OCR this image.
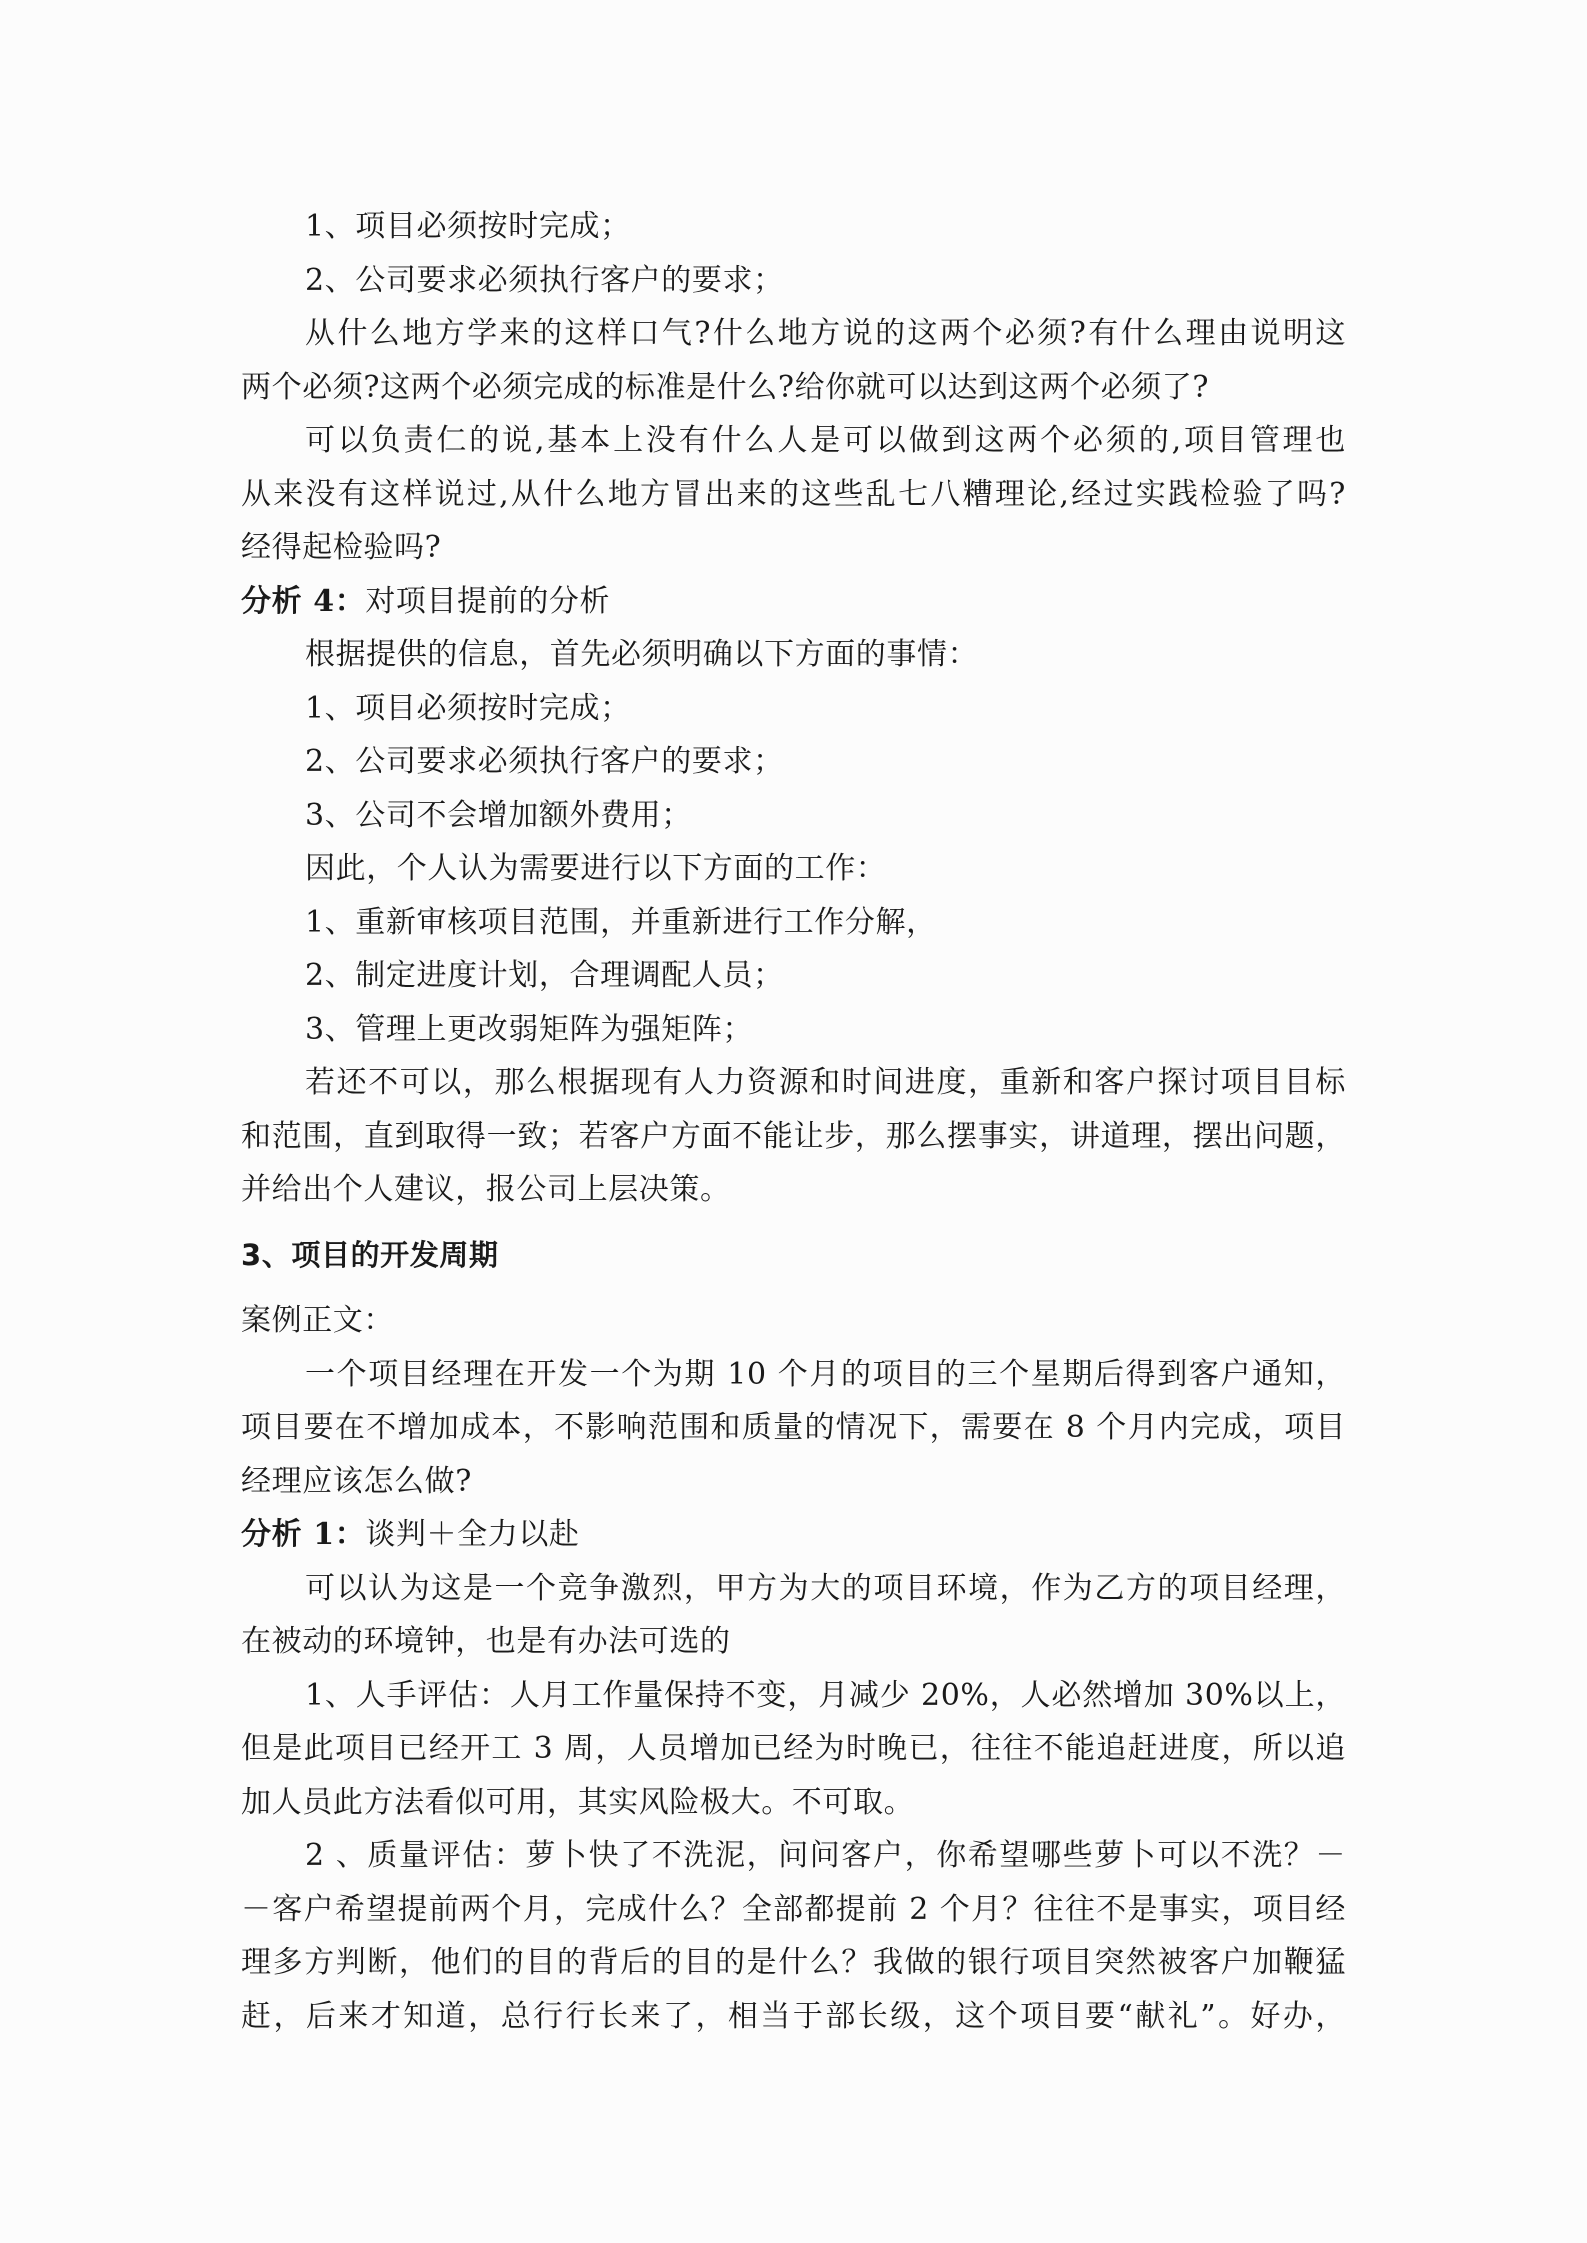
1、项目必须按时完成；
2、公司要求必须执行客户的要求；
从什么地方学来的这样口气?什么地方说的这两个必须?有什么理由说明这
两个必须?这两个必须完成的标准是什么?给你就可以达到这两个必须了?
可以负责仁的说,基本上没有什么人是可以做到这两个必须的,项目管理也
从来没有这样说过,从什么地方冒出来的这些乱七八糟理论,经过实践检验了吗?
经得起检验吗?
分析 4：对项目提前的分析
根据提供的信息，首先必须明确以下方面的事情：
1、项目必须按时完成；
2、公司要求必须执行客户的要求；
3、公司不会增加额外费用；
因此，个人认为需要进行以下方面的工作：
1、重新审核项目范围，并重新进行工作分解，
2、制定进度计划，合理调配人员；
3、管理上更改弱矩阵为强矩阵；
若还不可以，那么根据现有人力资源和时间进度，重新和客户探讨项目目标
和范围，直到取得一致；若客户方面不能让步，那么摆事实，讲道理，摆出问题，
并给出个人建议，报公司上层决策。
3、项目的开发周期
案例正文：
一个项目经理在开发一个为期 10 个月的项目的三个星期后得到客户通知，
项目要在不增加成本，不影响范围和质量的情况下，需要在 8 个月内完成，项目
经理应该怎么做?
分析 1：谈判＋全力以赴
可以认为这是一个竞争激烈，甲方为大的项目环境，作为乙方的项目经理，
在被动的环境钟，也是有办法可选的
1、人手评估：人月工作量保持不变，月减少 20%，人必然增加 30%以上，
但是此项目已经开工 3 周，人员增加已经为时晚已，往往不能追赶进度，所以追
加人员此方法看似可用，其实风险极大。不可取。
2 、质量评估：萝卜快了不洗泥，问问客户，你希望哪些萝卜可以不洗？－
－客户希望提前两个月，完成什么？全部都提前 2 个月？往往不是事实，项目经
理多方判断，他们的目的背后的目的是什么？我做的银行项目突然被客户加鞭猛
赶，后来才知道，总行行长来了，相当于部长级，这个项目要“献礼”。好办，
